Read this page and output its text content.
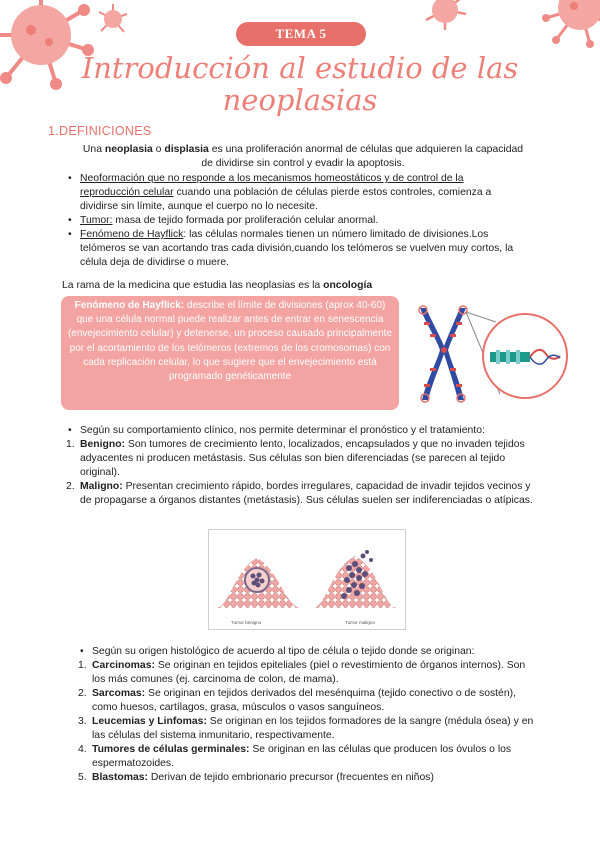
TEMA 5
Introducción al estudio de las
neoplasias
1.DEFINICIONES
Una neoplasia o displasia es una proliferación anormal de células que adquieren la capacidad
de dividirse sin control y evadir la apoptosis.
• Neoformación que no responde a los mecanismos homeostáticos y de control de la reproducción celular cuando una población de células pierde estos controles, comienza a dividirse sin límite, aunque el cuerpo no lo necesite.
• Tumor: masa de tejido formada por proliferación celular anormal.
• Fenómeno de Hayflick: las células normales tienen un número limitado de divisiones.Los telómeros se van acortando tras cada división,cuando los telómeros se vuelven muy cortos, la célula deja de dividirse o muere.
La rama de la medicina que estudia las neoplasias es la oncología
Fenómeno de Hayflick: describe el límite de divisiones (aprox 40-60) que una célula normal puede realizar antes de entrar en senescencia (envejecimiento celular) y detenerse, un proceso causado principalmente por el acortamiento de los telómeros (extremos de los cromosomas) con cada replicación celular, lo que sugiere que el envejecimiento está programado genéticamente
• Según su comportamiento clínico, nos permite determinar el pronóstico y el tratamiento:
1. Benigno: Son tumores de crecimiento lento, localizados, encapsulados y que no invaden tejidos adyacentes ni producen metástasis. Sus células son bien diferenciadas (se parecen al tejido original).
2. Maligno: Presentan crecimiento rápido, bordes irregulares, capacidad de invadir tejidos vecinos y de propagarse a órganos distantes (metástasis). Sus células suelen ser indiferenciadas o atípicas.
Tumor benigno	Tumor maligno
• Según su origen histológico de acuerdo al tipo de célula o tejido donde se originan:
1. Carcinomas: Se originan en tejidos epiteliales (piel o revestimiento de órganos internos). Son los más comunes (ej. carcinoma de colon, de mama).
2. Sarcomas: Se originan en tejidos derivados del mesénquima (tejido conectivo o de sostén), como huesos, cartílagos, grasa, músculos o vasos sanguíneos.
3. Leucemias y Linfomas: Se originan en los tejidos formadores de la sangre (médula ósea) y en las células del sistema inmunitario, respectivamente.
4. Tumores de células germinales: Se originan en las células que producen los óvulos o los espermatozoides.
5. Blastomas: Derivan de tejido embrionario precursor (frecuentes en niños)
